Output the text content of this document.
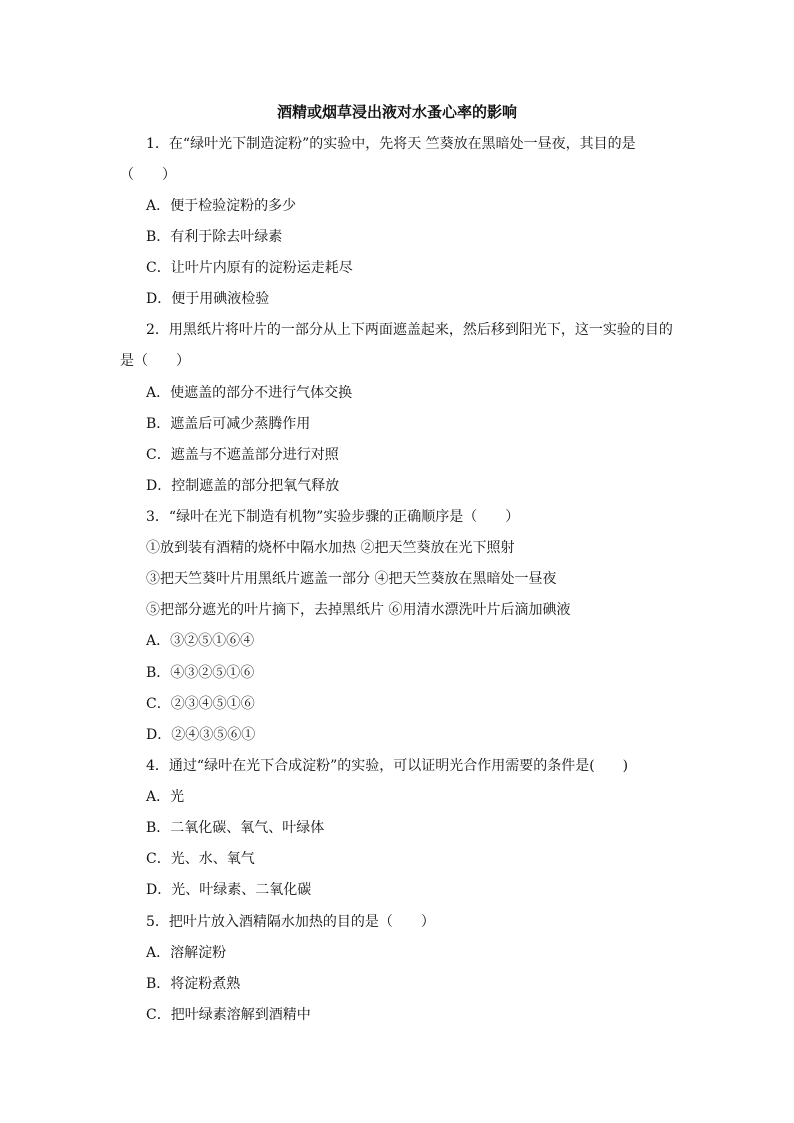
酒精或烟草浸出液对水蚤心率的影响
1．在“绿叶光下制造淀粉”的实验中，先将天 竺葵放在黑暗处一昼夜，其目的是
（　　）
A．便于检验淀粉的多少
B．有利于除去叶绿素
C．让叶片内原有的淀粉运走耗尽
D．便于用碘液检验
2．用黑纸片将叶片的一部分从上下两面遮盖起来，然后移到阳光下，这一实验的目的
是（　　）
A．使遮盖的部分不进行气体交换
B．遮盖后可减少蒸腾作用
C．遮盖与不遮盖部分进行对照
D．控制遮盖的部分把氧气释放
3．“绿叶在光下制造有机物”实验步骤的正确顺序是（　　）
①放到装有酒精的烧杯中隔水加热 ②把天竺葵放在光下照射
③把天竺葵叶片用黑纸片遮盖一部分 ④把天竺葵放在黑暗处一昼夜
⑤把部分遮光的叶片摘下，去掉黑纸片 ⑥用清水漂洗叶片后滴加碘液
A．③②⑤①⑥④
B．④③②⑤①⑥
C．②③④⑤①⑥
D．②④③⑤⑥①
4．通过“绿叶在光下合成淀粉”的实验，可以证明光合作用需要的条件是(　　)
A．光
B．二氧化碳、氧气、叶绿体
C．光、水、氧气
D．光、叶绿素、二氧化碳
5．把叶片放入酒精隔水加热的目的是（　　）
A．溶解淀粉
B．将淀粉煮熟
C．把叶绿素溶解到酒精中
